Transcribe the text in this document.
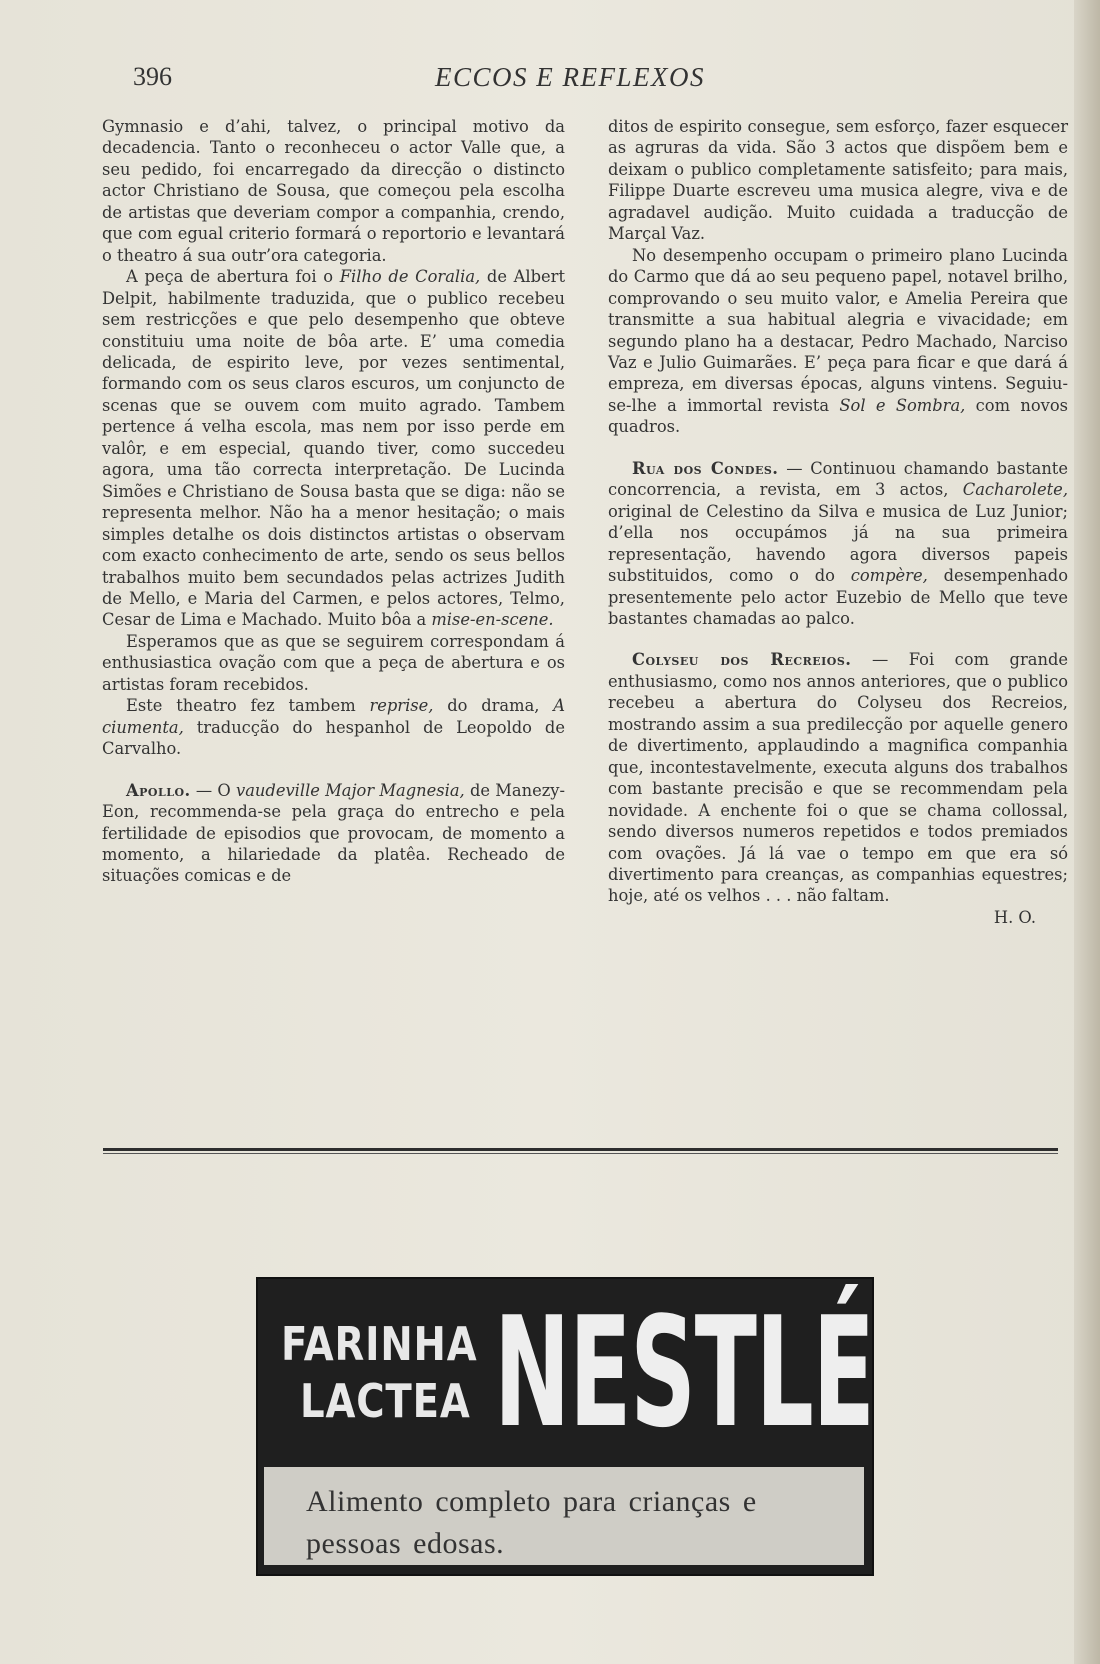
396	ECCOS E REFLEXOS

Gymnasio e d’ahi, talvez, o principal motivo da decadencia. Tanto o reconheceu o actor Valle que, a seu pedido, foi encarregado da direcção o distincto actor Christiano de Sousa, que começou pela escolha de artistas que deveriam compor a companhia, crendo, que com egual criterio formará o reportorio e levantará o theatro á sua outr’ora categoria.

A peça de abertura foi o Filho de Coralia, de Albert Delpit, habilmente traduzida, que o publico recebeu sem restricções e que pelo desempenho que obteve constituiu uma noite de bôa arte. E’ uma comedia delicada, de espirito leve, por vezes sentimental, formando com os seus claros escuros, um conjuncto de scenas que se ouvem com muito agrado. Tambem pertence á velha escola, mas nem por isso perde em valôr, e em especial, quando tiver, como succedeu agora, uma tão correcta interpretação. De Lucinda Simões e Christiano de Sousa basta que se diga: não se representa melhor. Não ha a menor hesitação; o mais simples detalhe os dois distinctos artistas o observam com exacto conhecimento de arte, sendo os seus bellos trabalhos muito bem secundados pelas actrizes Judith de Mello, e Maria del Carmen, e pelos actores, Telmo, Cesar de Lima e Machado. Muito bôa a mise-en-scene.

Esperamos que as que se seguirem correspondam á enthusiastica ovação com que a peça de abertura e os artistas foram recebidos.

Este theatro fez tambem reprise, do drama, A ciumenta, traducção do hespanhol de Leopoldo de Carvalho.

Apollo. — O vaudeville Major Magnesia, de Manezy-Eon, recommenda-se pela graça do entrecho e pela fertilidade de episodios que provocam, de momento a momento, a hilariedade da platêa. Recheado de situações comicas e de

ditos de espirito consegue, sem esforço, fazer esquecer as agruras da vida. São 3 actos que dispõem bem e deixam o publico completamente satisfeito; para mais, Filippe Duarte escreveu uma musica alegre, viva e de agradavel audição. Muito cuidada a traducção de Marçal Vaz.

No desempenho occupam o primeiro plano Lucinda do Carmo que dá ao seu pequeno papel, notavel brilho, comprovando o seu muito valor, e Amelia Pereira que transmitte a sua habitual alegria e vivacidade; em segundo plano ha a destacar, Pedro Machado, Narciso Vaz e Julio Guimarães. E’ peça para ficar e que dará á empreza, em diversas épocas, alguns vintens. Seguiu-se-lhe a immortal revista Sol e Sombra, com novos quadros.

Rua dos Condes. — Continuou chamando bastante concorrencia, a revista, em 3 actos, Cacharolete, original de Celestino da Silva e musica de Luz Junior; d’ella nos occupámos já na sua primeira representação, havendo agora diversos papeis substituidos, como o do compère, desempenhado presentemente pelo actor Euzebio de Mello que teve bastantes chamadas ao palco.

Colyseu dos Recreios. — Foi com grande enthusiasmo, como nos annos anteriores, que o publico recebeu a abertura do Colyseu dos Recreios, mostrando assim a sua predilecção por aquelle genero de divertimento, applaudindo a magnifica companhia que, incontestavelmente, executa alguns dos trabalhos com bastante precisão e que se recommendam pela novidade. A enchente foi o que se chama collossal, sendo diversos numeros repetidos e todos premiados com ovações. Já lá vae o tempo em que era só divertimento para creanças, as companhias equestres; hoje, até os velhos . . . não faltam.

H. O.

FARINHA
LACTEA NESTLÉ
Alimento completo para crianças e pessoas edosas.
